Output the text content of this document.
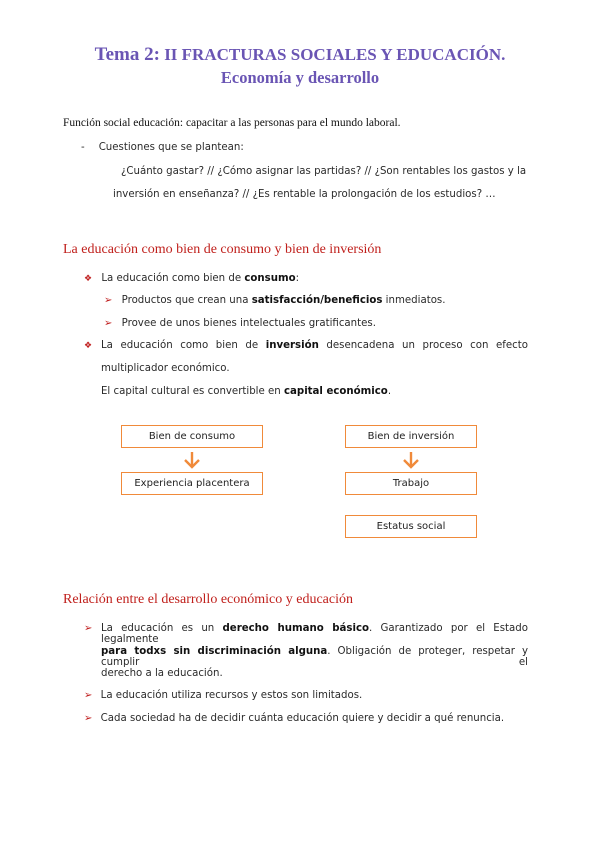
Tema 2: II FRACTURAS SOCIALES Y EDUCACIÓN.
Economía y desarrollo
Función social educación: capacitar a las personas para el mundo laboral.
- Cuestiones que se plantean:
¿Cuánto gastar? // ¿Cómo asignar las partidas? // ¿Son rentables los gastos y la
inversión en enseñanza? // ¿Es rentable la prolongación de los estudios? …
La educación como bien de consumo y bien de inversión
❖ La educación como bien de consumo:
➢ Productos que crean una satisfacción/beneficios inmediatos.
➢ Provee de unos bienes intelectuales gratificantes.
❖ La educación como bien de inversión desencadena un proceso con efecto
multiplicador económico.
El capital cultural es convertible en capital económico.
Bien de consumo
Experiencia placentera
Bien de inversión
Trabajo
Estatus social
Relación entre el desarrollo económico y educación
➢ La educación es un derecho humano básico. Garantizado por el Estado legalmente
para todxs sin discriminación alguna. Obligación de proteger, respetar y cumplir el
derecho a la educación.
➢ La educación utiliza recursos y estos son limitados.
➢ Cada sociedad ha de decidir cuánta educación quiere y decidir a qué renuncia.
